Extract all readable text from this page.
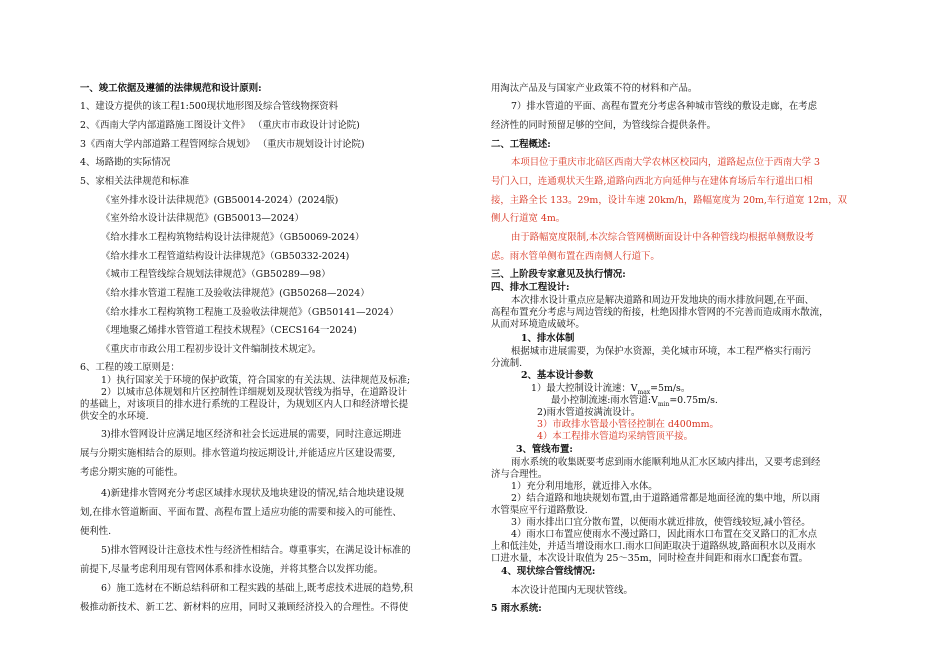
一、竣工依据及遵循的法律规范和设计原则:
1、建设方提供的该工程1:500现状地形图及综合管线物探资料
2、《西南大学内部道路施工图设计文件》 （重庆市市政设计讨论院)
3《西南大学内部道路工程管网综合规划》 （重庆市规划设计讨论院)
4、场路勘的实际情况
5、家相关法律规范和标准
《室外排水设计法律规范》(GB50014-2024）(2024版)
《室外给水设计法律规范》(GB50013—2024）
《给水排水工程构筑物结构设计法律规范》（GB50069-2024）
《给水排水工程管道结构设计法律规范》（GB50332-2024)
《城市工程管线综合规划法律规范》（GB50289—98）
《给水排水管道工程施工及验收法律规范》(GB50268—2024）
《给水排水工程构筑物工程施工及验收法律规范》（GB50141—2024）
《埋地聚乙烯排水管管道工程技术规程》（CECS164一2024)
《重庆市市政公用工程初步设计文件编制技术规定》。
6、工程的竣工原则是：
1）执行国家关于环境的保护政策，符合国家的有关法规、法律规范及标准;
2）以城市总体规划和片区控制性详细规划及现状管线为指导，在道路设计
的基础上，对该项目的排水进行系统的工程设计，为规划区内人口和经济增长提
供安全的水环境.
3)排水管网设计应满足地区经济和社会长远进展的需要，同时注意远期进
展与分期实施相结合的原则。排水管道均按远期设计,并能适应片区建设需要,
考虑分期实施的可能性。
4)新建排水管网充分考虑区域排水现状及地块建设的情况,结合地块建设规
划,在排水管道断面、平面布置、高程布置上适应功能的需要和接入的可能性、
便利性.
5)排水管网设计注意技术性与经济性相结合。尊重事实，在满足设计标准的
前提下,尽量考虑利用现有管网体系和排水设施，并将其整合以发挥功能。
6）施工选材在不断总结科研和工程实践的基础上,既考虑技术进展的趋势,积
极推动新技术、新工艺、新材料的应用，同时又兼顾经济投入的合理性。不得使
用淘汰产品及与国家产业政策不符的材料和产品。
7）排水管道的平面、高程布置充分考虑各种城市管线的敷设走廊，在考虑
经济性的同时预留足够的空间，为管线综合提供条件。
二、工程概述:
本项目位于重庆市北碚区西南大学农林区校园内，道路起点位于西南大学 3
号门入口，连通观状天生路,道路向西北方向延伸与在建体育场后车行道出口相
接，主路全长 133。29m，设计车速 20km/h，路幅宽度为 20m,车行道宽 12m，双
侧人行道宽 4m。
由于路幅宽度限制,本次综合管网横断面设计中各种管线均根据单侧敷设考
虑。雨水管单侧布置在西南侧人行道下。
三、上阶段专家意见及执行情况:
四、排水工程设计:
本次排水设计重点应是解决道路和周边开发地块的雨水排放问题,在平面、
高程布置充分考虑与周边管线的衔接，杜绝因排水管网的不完善而造成雨水散流，
从而对环境造成破坏。
1、排水体制
根据城市进展需要，为保护水资源，美化城市环境，本工程严格实行雨污
分流制.
2、基本设计参数
1）最大控制设计流速：$V_{max}=5m/s$。
最小控制流速:雨水管道$:V_{min}=0.75m/s$.
2)雨水管道按满流设计。
3）市政排水管最小管径控制在 d400mm。
4）本工程排水管道均采纳管顶平接。
3、管线布置:
雨水系统的收集既要考虑到雨水能顺利地从汇水区域内排出，又要考虑到经
济与合理性。
1）充分利用地形，就近排入水体。
2）结合道路和地块规划布置,由于道路通常都是地面径流的集中地，所以雨
水管渠应平行道路敷设.
3）雨水排出口宜分散布置，以便雨水就近排放，使管线较短,减小管径。
4）雨水口布置应使雨水不漫过路口，因此雨水口布置在交叉路口的汇水点
上和低洼处，并适当增设雨水口.雨水口间距取决于道路纵坡,路面积水以及雨水
口进水量，本次设计取值为 25～35m，同时检查井间距和雨水口配套布置。
4、现状综合管线情况:
本次设计范围内无现状管线。
5 雨水系统:
